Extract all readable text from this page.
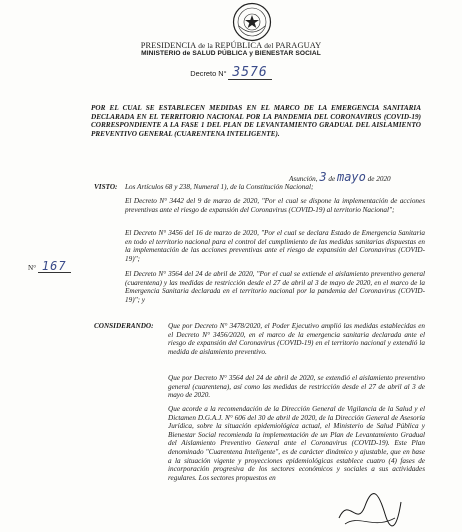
PRESIDENCIA de la REPÚBLICA del PARAGUAY
MINISTERIO de SALUD PÚBLICA y BIENESTAR SOCIAL
Decreto N° 3576
POR EL CUAL SE ESTABLECEN MEDIDAS EN EL MARCO DE LA EMERGENCIA SANITARIA DECLARADA EN EL TERRITORIO NACIONAL POR LA PANDEMIA DEL CORONAVIRUS (COVID-19) CORRESPONDIENTE A LA FASE 1 DEL PLAN DE LEVANTAMIENTO GRADUAL DEL AISLAMIENTO PREVENTIVO GENERAL (CUARENTENA INTELIGENTE).
Asunción, 3 de mayo de 2020
N° 167
VISTO: Los Artículos 68 y 238, Numeral 1), de la Constitución Nacional;
El Decreto N° 3442 del 9 de marzo de 2020, "Por el cual se dispone la implementación de acciones preventivas ante el riesgo de expansión del Coronavirus (COVID-19) al territorio Nacional";
El Decreto N° 3456 del 16 de marzo de 2020, "Por el cual se declara Estado de Emergencia Sanitaria en todo el territorio nacional para el control del cumplimiento de las medidas sanitarias dispuestas en la implementación de las acciones preventivas ante el riesgo de expansión del Coronavirus (COVID-19)";
El Decreto N° 3564 del 24 de abril de 2020, "Por el cual se extiende el aislamiento preventivo general (cuarentena) y las medidas de restricción desde el 27 de abril al 3 de mayo de 2020, en el marco de la Emergencia Sanitaria declarada en el territorio nacional por la pandemia del Coronavirus (COVID-19)"; y
CONSIDERANDO: Que por Decreto N° 3478/2020, el Poder Ejecutivo amplió las medidas establecidas en el Decreto N° 3456/2020, en el marco de la emergencia sanitaria declarada ante el riesgo de expansión del Coronavirus (COVID-19) en el territorio nacional y extendió la medida de aislamiento preventivo.
Que por Decreto N° 3564 del 24 de abril de 2020, se extendió el aislamiento preventivo general (cuarentena), así como las medidas de restricción desde el 27 de abril al 3 de mayo de 2020.
Que acorde a la recomendación de la Dirección General de Vigilancia de la Salud y el Dictamen D.G.A.J. N° 606 del 30 de abril de 2020, de la Dirección General de Asesoría Jurídica, sobre la situación epidemiológica actual, el Ministerio de Salud Pública y Bienestar Social recomienda la implementación de un Plan de Levantamiento Gradual del Aislamiento Preventivo General ante el Coronavirus (COVID-19). Este Plan denominado "Cuarentena Inteligente", es de carácter dinámico y ajustable, que en base a la situación vigente y proyecciones epidemiológicas establece cuatro (4) fases de incorporación progresiva de los sectores económicos y sociales a sus actividades regulares. Los sectores propuestos en
